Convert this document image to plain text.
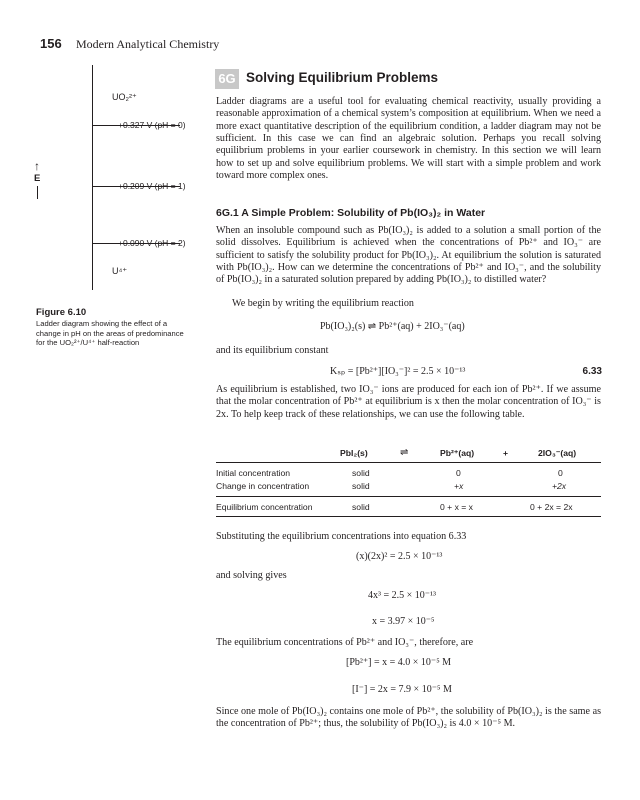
156 Modern Analytical Chemistry
UO₂²⁺
+0.327 V (pH = 0)
+0.209 V (pH = 1)
+0.090 V (pH = 2)
U⁴⁺
↑
E
Figure 6.10
Ladder diagram showing the effect of a change in pH on the areas of predominance for the UO₂²⁺/U⁴⁺ half-reaction
6G Solving Equilibrium Problems
Ladder diagrams are a useful tool for evaluating chemical reactivity, usually providing a reasonable approximation of a chemical system’s composition at equilibrium. When we need a more exact quantitative description of the equilibrium condition, a ladder diagram may not be sufficient. In this case we can find an algebraic solution. Perhaps you recall solving equilibrium problems in your earlier coursework in chemistry. In this section we will learn how to set up and solve equilibrium problems. We will start with a simple problem and work toward more complex ones.
6G.1 A Simple Problem: Solubility of Pb(IO₃)₂ in Water
When an insoluble compound such as Pb(IO₃)₂ is added to a solution a small portion of the solid dissolves. Equilibrium is achieved when the concentrations of Pb²⁺ and IO₃⁻ are sufficient to satisfy the solubility product for Pb(IO₃)₂. At equilibrium the solution is saturated with Pb(IO₃)₂. How can we determine the concentrations of Pb²⁺ and IO₃⁻, and the solubility of Pb(IO₃)₂ in a saturated solution prepared by adding Pb(IO₃)₂ to distilled water?
We begin by writing the equilibrium reaction
Pb(IO₃)₂(s) ⇌ Pb²⁺(aq) + 2IO₃⁻(aq)
and its equilibrium constant
Kₛₚ = [Pb²⁺][IO₃⁻]² = 2.5 × 10⁻¹³	6.33
As equilibrium is established, two IO₃⁻ ions are produced for each ion of Pb²⁺. If we assume that the molar concentration of Pb²⁺ at equilibrium is x then the molar concentration of IO₃⁻ is 2x. To help keep track of these relationships, we can use the following table.
PbI₂(s)	⇌	Pb²⁺(aq)	+	2IO₃⁻(aq)
Initial concentration	solid	0	0
Change in concentration	solid	+x	+2x
Equilibrium concentration	solid	0 + x = x	0 + 2x = 2x
Substituting the equilibrium concentrations into equation 6.33
(x)(2x)² = 2.5 × 10⁻¹³
and solving gives
4x³ = 2.5 × 10⁻¹³
x = 3.97 × 10⁻⁵
The equilibrium concentrations of Pb²⁺ and IO₃⁻, therefore, are
[Pb²⁺] = x = 4.0 × 10⁻⁵ M
[I⁻] = 2x = 7.9 × 10⁻⁵ M
Since one mole of Pb(IO₃)₂ contains one mole of Pb²⁺, the solubility of Pb(IO₃)₂ is the same as the concentration of Pb²⁺; thus, the solubility of Pb(IO₃)₂ is 4.0 × 10⁻⁵ M.
